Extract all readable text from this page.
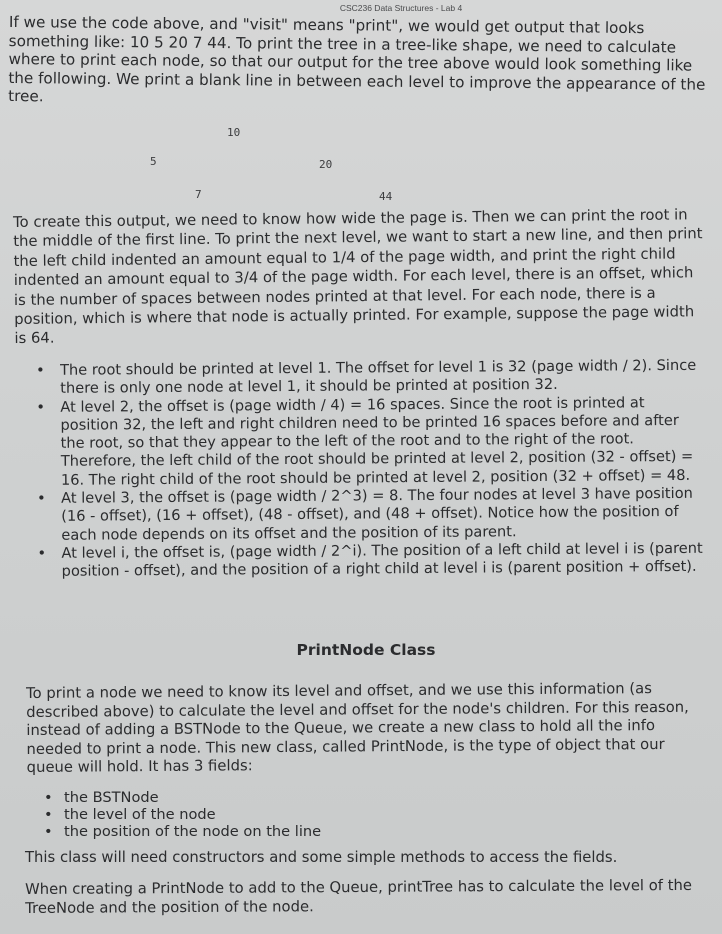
CSC236 Data Structures - Lab 4

If we use the code above, and "visit" means "print", we would get output that looks something like: 10 5 20 7 44. To print the tree in a tree-like shape, we need to calculate where to print each node, so that our output for the tree above would look something like the following. We print a blank line in between each level to improve the appearance of the tree.

10
5	20
7	44

To create this output, we need to know how wide the page is. Then we can print the root in the middle of the first line. To print the next level, we want to start a new line, and then print the left child indented an amount equal to 1/4 of the page width, and print the right child indented an amount equal to 3/4 of the page width. For each level, there is an offset, which is the number of spaces between nodes printed at that level. For each node, there is a position, which is where that node is actually printed. For example, suppose the page width is 64.

• The root should be printed at level 1. The offset for level 1 is 32 (page width / 2). Since there is only one node at level 1, it should be printed at position 32.
• At level 2, the offset is (page width / 4) = 16 spaces. Since the root is printed at position 32, the left and right children need to be printed 16 spaces before and after the root, so that they appear to the left of the root and to the right of the root. Therefore, the left child of the root should be printed at level 2, position (32 - offset) = 16. The right child of the root should be printed at level 2, position (32 + offset) = 48.
• At level 3, the offset is (page width / 2^3) = 8. The four nodes at level 3 have position (16 - offset), (16 + offset), (48 - offset), and (48 + offset). Notice how the position of each node depends on its offset and the position of its parent.
• At level i, the offset is, (page width / 2^i). The position of a left child at level i is (parent position - offset), and the position of a right child at level i is (parent position + offset).
PrintNode Class

To print a node we need to know its level and offset, and we use this information (as described above) to calculate the level and offset for the node's children. For this reason, instead of adding a BSTNode to the Queue, we create a new class to hold all the info needed to print a node. This new class, called PrintNode, is the type of object that our queue will hold. It has 3 fields:

• the BSTNode
• the level of the node
• the position of the node on the line

This class will need constructors and some simple methods to access the fields.

When creating a PrintNode to add to the Queue, printTree has to calculate the level of the TreeNode and the position of the node.
